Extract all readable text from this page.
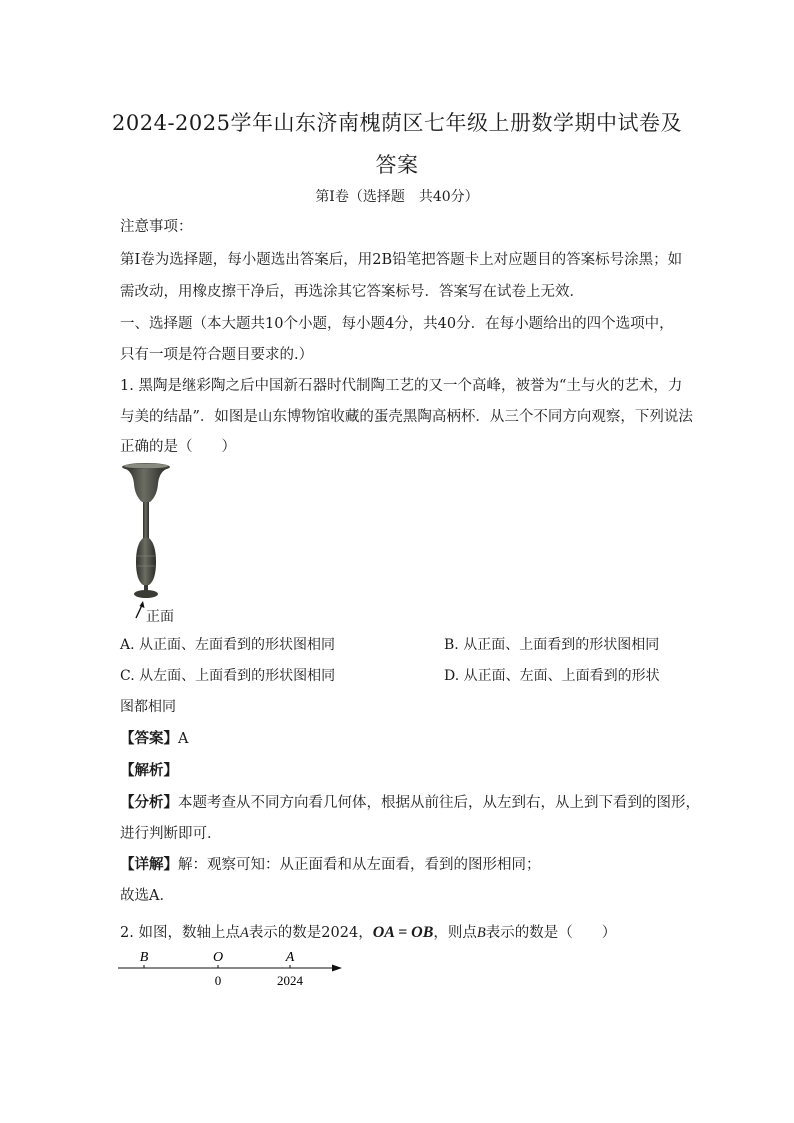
2024-2025学年山东济南槐荫区七年级上册数学期中试卷及
答案
第Ⅰ卷（选择题　共40分）
注意事项：
第Ⅰ卷为选择题，每小题选出答案后，用2B铅笔把答题卡上对应题目的答案标号涂黑；如
需改动，用橡皮擦干净后，再选涂其它答案标号．答案写在试卷上无效．
一、选择题（本大题共10个小题，每小题4分，共40分．在每小题给出的四个选项中，
只有一项是符合题目要求的.）
1. 黑陶是继彩陶之后中国新石器时代制陶工艺的又一个高峰，被誉为“土与火的艺术，力
与美的结晶”．如图是山东博物馆收藏的蛋壳黑陶高柄杯．从三个不同方向观察，下列说法
正确的是（　　）
正面
A. 从正面、左面看到的形状图相同	B. 从正面、上面看到的形状图相同
C. 从左面、上面看到的形状图相同	D. 从正面、左面、上面看到的形状
图都相同
【答案】A
【解析】
【分析】本题考查从不同方向看几何体，根据从前往后，从左到右，从上到下看到的图形，
进行判断即可．
【详解】解：观察可知：从正面看和从左面看，看到的图形相同；
故选A．
2. 如图，数轴上点A表示的数是2024，OA = OB，则点B表示的数是（　　）
B	O	A
0	2024
